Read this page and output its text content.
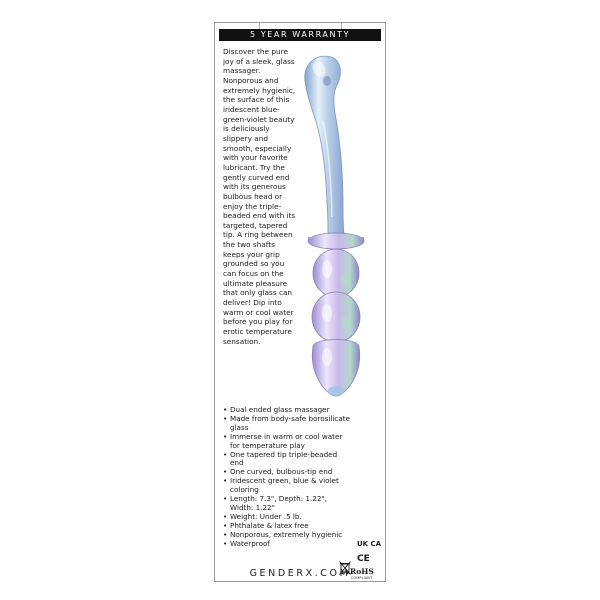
5 YEAR WARRANTY

Discover the pure joy of a sleek, glass massager. Nonporous and extremely hygienic, the surface of this iridescent blue-green-violet beauty is deliciously slippery and smooth, especially with your favorite lubricant. Try the gently curved end with its generous bulbous head or enjoy the triple-beaded end with its targeted, tapered tip. A ring between the two shafts keeps your grip grounded so you can focus on the ultimate pleasure that only glass can deliver! Dip into warm or cool water before you play for erotic temperature sensation.

• Dual ended glass massager
• Made from body-safe borosilicate glass
• Immerse in warm or cool water for temperature play
• One tapered tip triple-beaded end
• One curved, bulbous-tip end
• Iridescent green, blue & violet coloring
• Length: 7.3", Depth: 1.22", Width: 1.22"
• Weight: Under .5 lb.
• Phthalate & latex free
• Nonporous, extremely hygienic
• Waterproof	UK CA
CE
RoHS
COMPLIANT
GENDERX.COM
